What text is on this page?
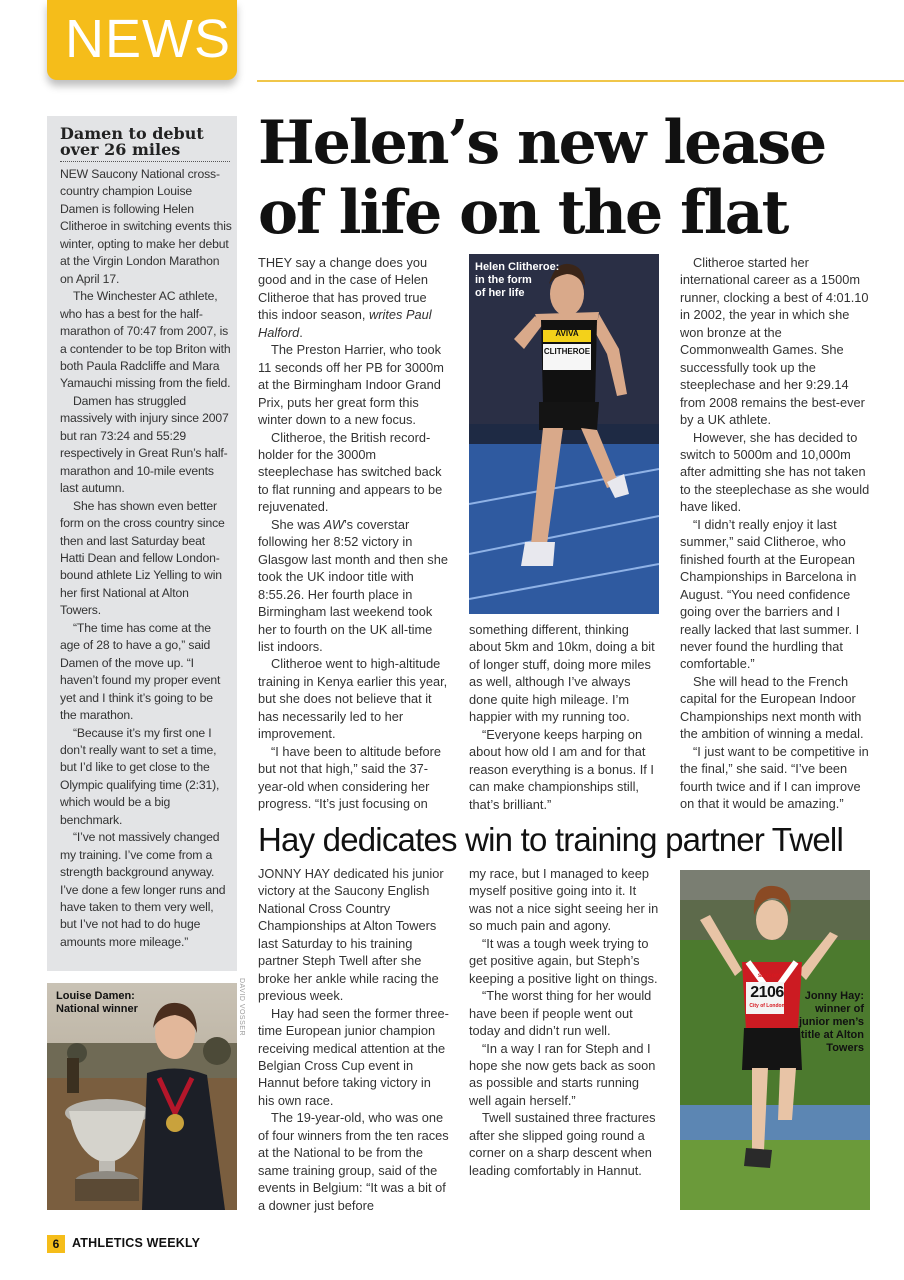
NEWS
Damen to debut over 26 miles

NEW Saucony National cross-country champion Louise Damen is following Helen Clitheroe in switching events this winter, opting to make her debut at the Virgin London Marathon on April 17.

The Winchester AC athlete, who has a best for the half-marathon of 70:47 from 2007, is a contender to be top Briton with both Paula Radcliffe and Mara Yamauchi missing from the field.

Damen has struggled massively with injury since 2007 but ran 73:24 and 55:29 respectively in Great Run’s half-marathon and 10-mile events last autumn.

She has shown even better form on the cross country since then and last Saturday beat Hatti Dean and fellow London-bound athlete Liz Yelling to win her first National at Alton Towers.

“The time has come at the age of 28 to have a go,” said Damen of the move up. “I haven’t found my proper event yet and I think it’s going to be the marathon.

“Because it’s my first one I don’t really want to set a time, but I’d like to get close to the Olympic qualifying time (2:31), which would be a big benchmark.

“I’ve not massively changed my training. I’ve come from a strength background anyway. I’ve done a few longer runs and have taken to them very well, but I’ve not had to do huge amounts more mileage.”

Louise Damen:
National winner	DAVID VOSSER
Helen’s new lease of life on the flat

THEY say a change does you good and in the case of Helen Clitheroe that has proved true this indoor season, writes Paul Halford.

The Preston Harrier, who took 11 seconds off her PB for 3000m at the Birmingham Indoor Grand Prix, puts her great form this winter down to a new focus.

Clitheroe, the British record-holder for the 3000m steeplechase has switched back to flat running and appears to be rejuvenated.

She was AW’s coverstar following her 8:52 victory in Glasgow last month and then she took the UK indoor title with 8:55.26. Her fourth place in Birmingham last weekend took her to fourth on the UK all-time list indoors.

Clitheroe went to high-altitude training in Kenya earlier this year, but she does not believe that it has necessarily led to her improvement.

“I have been to altitude before but not that high,” said the 37-year-old when considering her progress. “It’s just focusing on

Helen Clitheroe:
in the form
of her life
AVIVA
CLITHEROE

something different, thinking about 5km and 10km, doing a bit of longer stuff, doing more miles as well, although I’ve always done quite high mileage. I’m happier with my running too.

“Everyone keeps harping on about how old I am and for that reason everything is a bonus. If I can make championships still, that’s brilliant.”

Clitheroe started her international career as a 1500m runner, clocking a best of 4:01.10 in 2002, the year in which she won bronze at the Commonwealth Games. She successfully took up the steeplechase and her 9:29.14 from 2008 remains the best-ever by a UK athlete.

However, she has decided to switch to 5000m and 10,000m after admitting she has not taken to the steeplechase as she would have liked.

“I didn’t really enjoy it last summer,” said Clitheroe, who finished fourth at the European Championships in Barcelona in August. “You need confidence going over the barriers and I really lacked that last summer. I never found the hurdling that comfortable.”

She will head to the French capital for the European Indoor Championships next month with the ambition of winning a medal.

“I just want to be competitive in the final,” she said. “I’ve been fourth twice and if I can improve on that it would be amazing.”

Hay dedicates win to training partner Twell

JONNY HAY dedicated his junior victory at the Saucony English National Cross Country Championships at Alton Towers last Saturday to his training partner Steph Twell after she broke her ankle while racing the previous week.

Hay had seen the former three-time European junior champion receiving medical attention at the Belgian Cross Cup event in Hannut before taking victory in his own race.

The 19-year-old, who was one of four winners from the ten races at the National to be from the same training group, said of the events in Belgium: “It was a bit of a downer just before

my race, but I managed to keep myself positive going into it. It was not a nice sight seeing her in so much pain and agony.

“It was a tough week trying to get positive again, but Steph’s keeping a positive light on things.

“The worst thing for her would have been if people went out today and didn’t run well.

“In a way I ran for Steph and I hope she now gets back as soon as possible and starts running well again herself.”

Twell sustained three fractures after she slipped going round a corner on a sharp descent when leading comfortably in Hannut.

saucony
2106
City of London
Jonny Hay:
winner of
junior men’s
title at Alton
Towers
6	ATHLETICS WEEKLY
